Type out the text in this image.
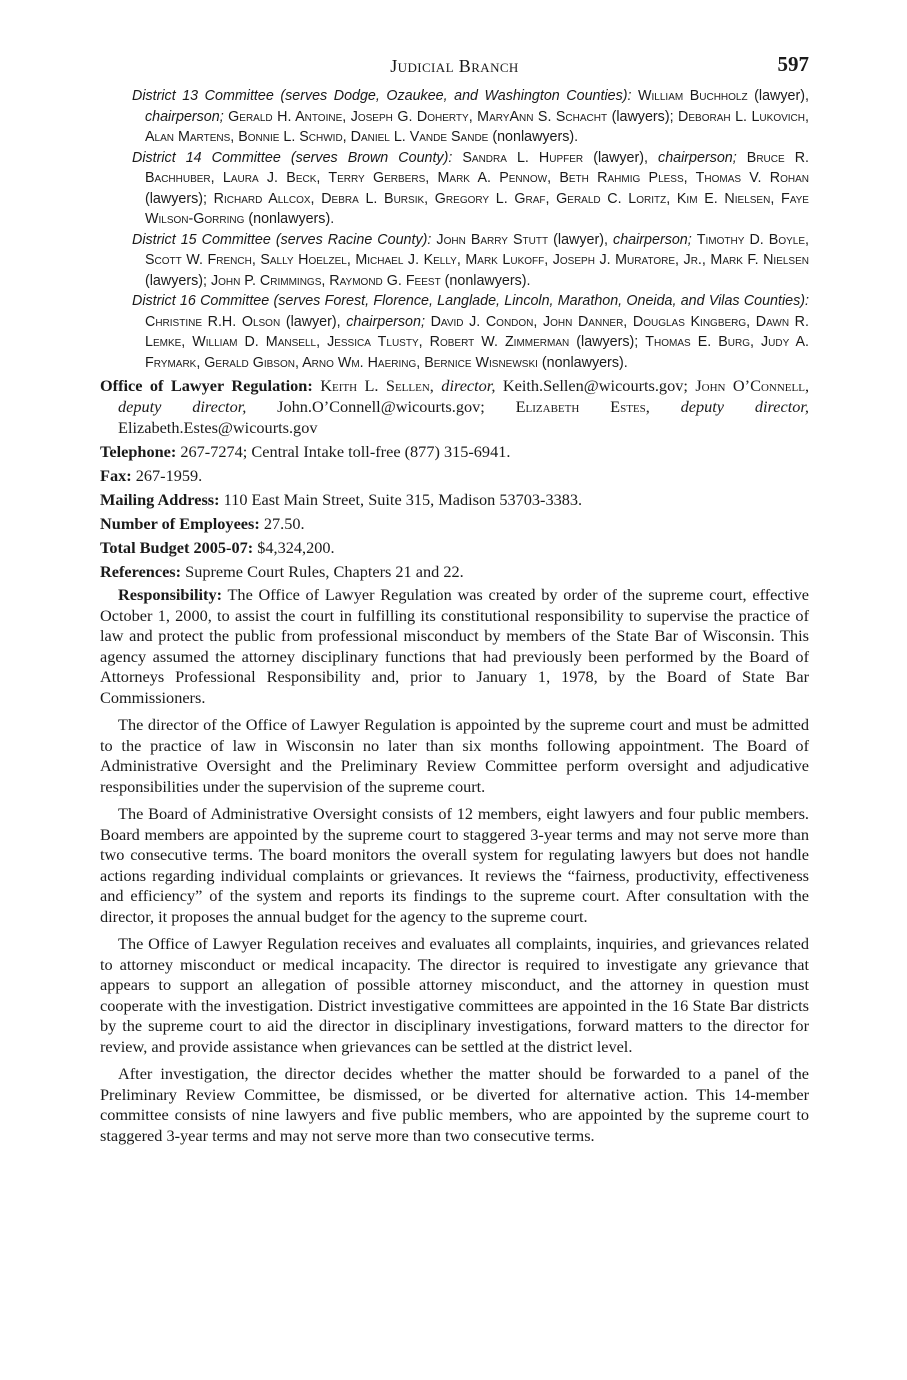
Judicial Branch	597

District 13 Committee (serves Dodge, Ozaukee, and Washington Counties): William Buchholz (lawyer), chairperson; Gerald H. Antoine, Joseph G. Doherty, MaryAnn S. Schacht (lawyers); Deborah L. Lukovich, Alan Martens, Bonnie L. Schwid, Daniel L. Vande Sande (nonlawyers).

District 14 Committee (serves Brown County): Sandra L. Hupfer (lawyer), chairperson; Bruce R. Bachhuber, Laura J. Beck, Terry Gerbers, Mark A. Pennow, Beth Rahmig Pless, Thomas V. Rohan (lawyers); Richard Allcox, Debra L. Bursik, Gregory L. Graf, Gerald C. Loritz, Kim E. Nielsen, Faye Wilson-Gorring (nonlawyers).

District 15 Committee (serves Racine County): John Barry Stutt (lawyer), chairperson; Timothy D. Boyle, Scott W. French, Sally Hoelzel, Michael J. Kelly, Mark Lukoff, Joseph J. Muratore, Jr., Mark F. Nielsen (lawyers); John P. Crimmings, Raymond G. Feest (nonlawyers).

District 16 Committee (serves Forest, Florence, Langlade, Lincoln, Marathon, Oneida, and Vilas Counties): Christine R.H. Olson (lawyer), chairperson; David J. Condon, John Danner, Douglas Kingberg, Dawn R. Lemke, William D. Mansell, Jessica Tlusty, Robert W. Zimmerman (lawyers); Thomas E. Burg, Judy A. Frymark, Gerald Gibson, Arno Wm. Haering, Bernice Wisnewski (nonlawyers).

Office of Lawyer Regulation: Keith L. Sellen, director, Keith.Sellen@wicourts.gov; John O’Connell, deputy director, John.O’Connell@wicourts.gov; Elizabeth Estes, deputy director, Elizabeth.Estes@wicourts.gov

Telephone: 267-7274; Central Intake toll-free (877) 315-6941.

Fax: 267-1959.

Mailing Address: 110 East Main Street, Suite 315, Madison 53703-3383.

Number of Employees: 27.50.

Total Budget 2005-07: $4,324,200.

References: Supreme Court Rules, Chapters 21 and 22.

Responsibility: The Office of Lawyer Regulation was created by order of the supreme court, effective October 1, 2000, to assist the court in fulfilling its constitutional responsibility to supervise the practice of law and protect the public from professional misconduct by members of the State Bar of Wisconsin. This agency assumed the attorney disciplinary functions that had previously been performed by the Board of Attorneys Professional Responsibility and, prior to January 1, 1978, by the Board of State Bar Commissioners.

The director of the Office of Lawyer Regulation is appointed by the supreme court and must be admitted to the practice of law in Wisconsin no later than six months following appointment. The Board of Administrative Oversight and the Preliminary Review Committee perform oversight and adjudicative responsibilities under the supervision of the supreme court.

The Board of Administrative Oversight consists of 12 members, eight lawyers and four public members. Board members are appointed by the supreme court to staggered 3-year terms and may not serve more than two consecutive terms. The board monitors the overall system for regulating lawyers but does not handle actions regarding individual complaints or grievances. It reviews the “fairness, productivity, effectiveness and efficiency” of the system and reports its findings to the supreme court. After consultation with the director, it proposes the annual budget for the agency to the supreme court.

The Office of Lawyer Regulation receives and evaluates all complaints, inquiries, and grievances related to attorney misconduct or medical incapacity. The director is required to investigate any grievance that appears to support an allegation of possible attorney misconduct, and the attorney in question must cooperate with the investigation. District investigative committees are appointed in the 16 State Bar districts by the supreme court to aid the director in disciplinary investigations, forward matters to the director for review, and provide assistance when grievances can be settled at the district level.

After investigation, the director decides whether the matter should be forwarded to a panel of the Preliminary Review Committee, be dismissed, or be diverted for alternative action. This 14-member committee consists of nine lawyers and five public members, who are appointed by the supreme court to staggered 3-year terms and may not serve more than two consecutive terms.
